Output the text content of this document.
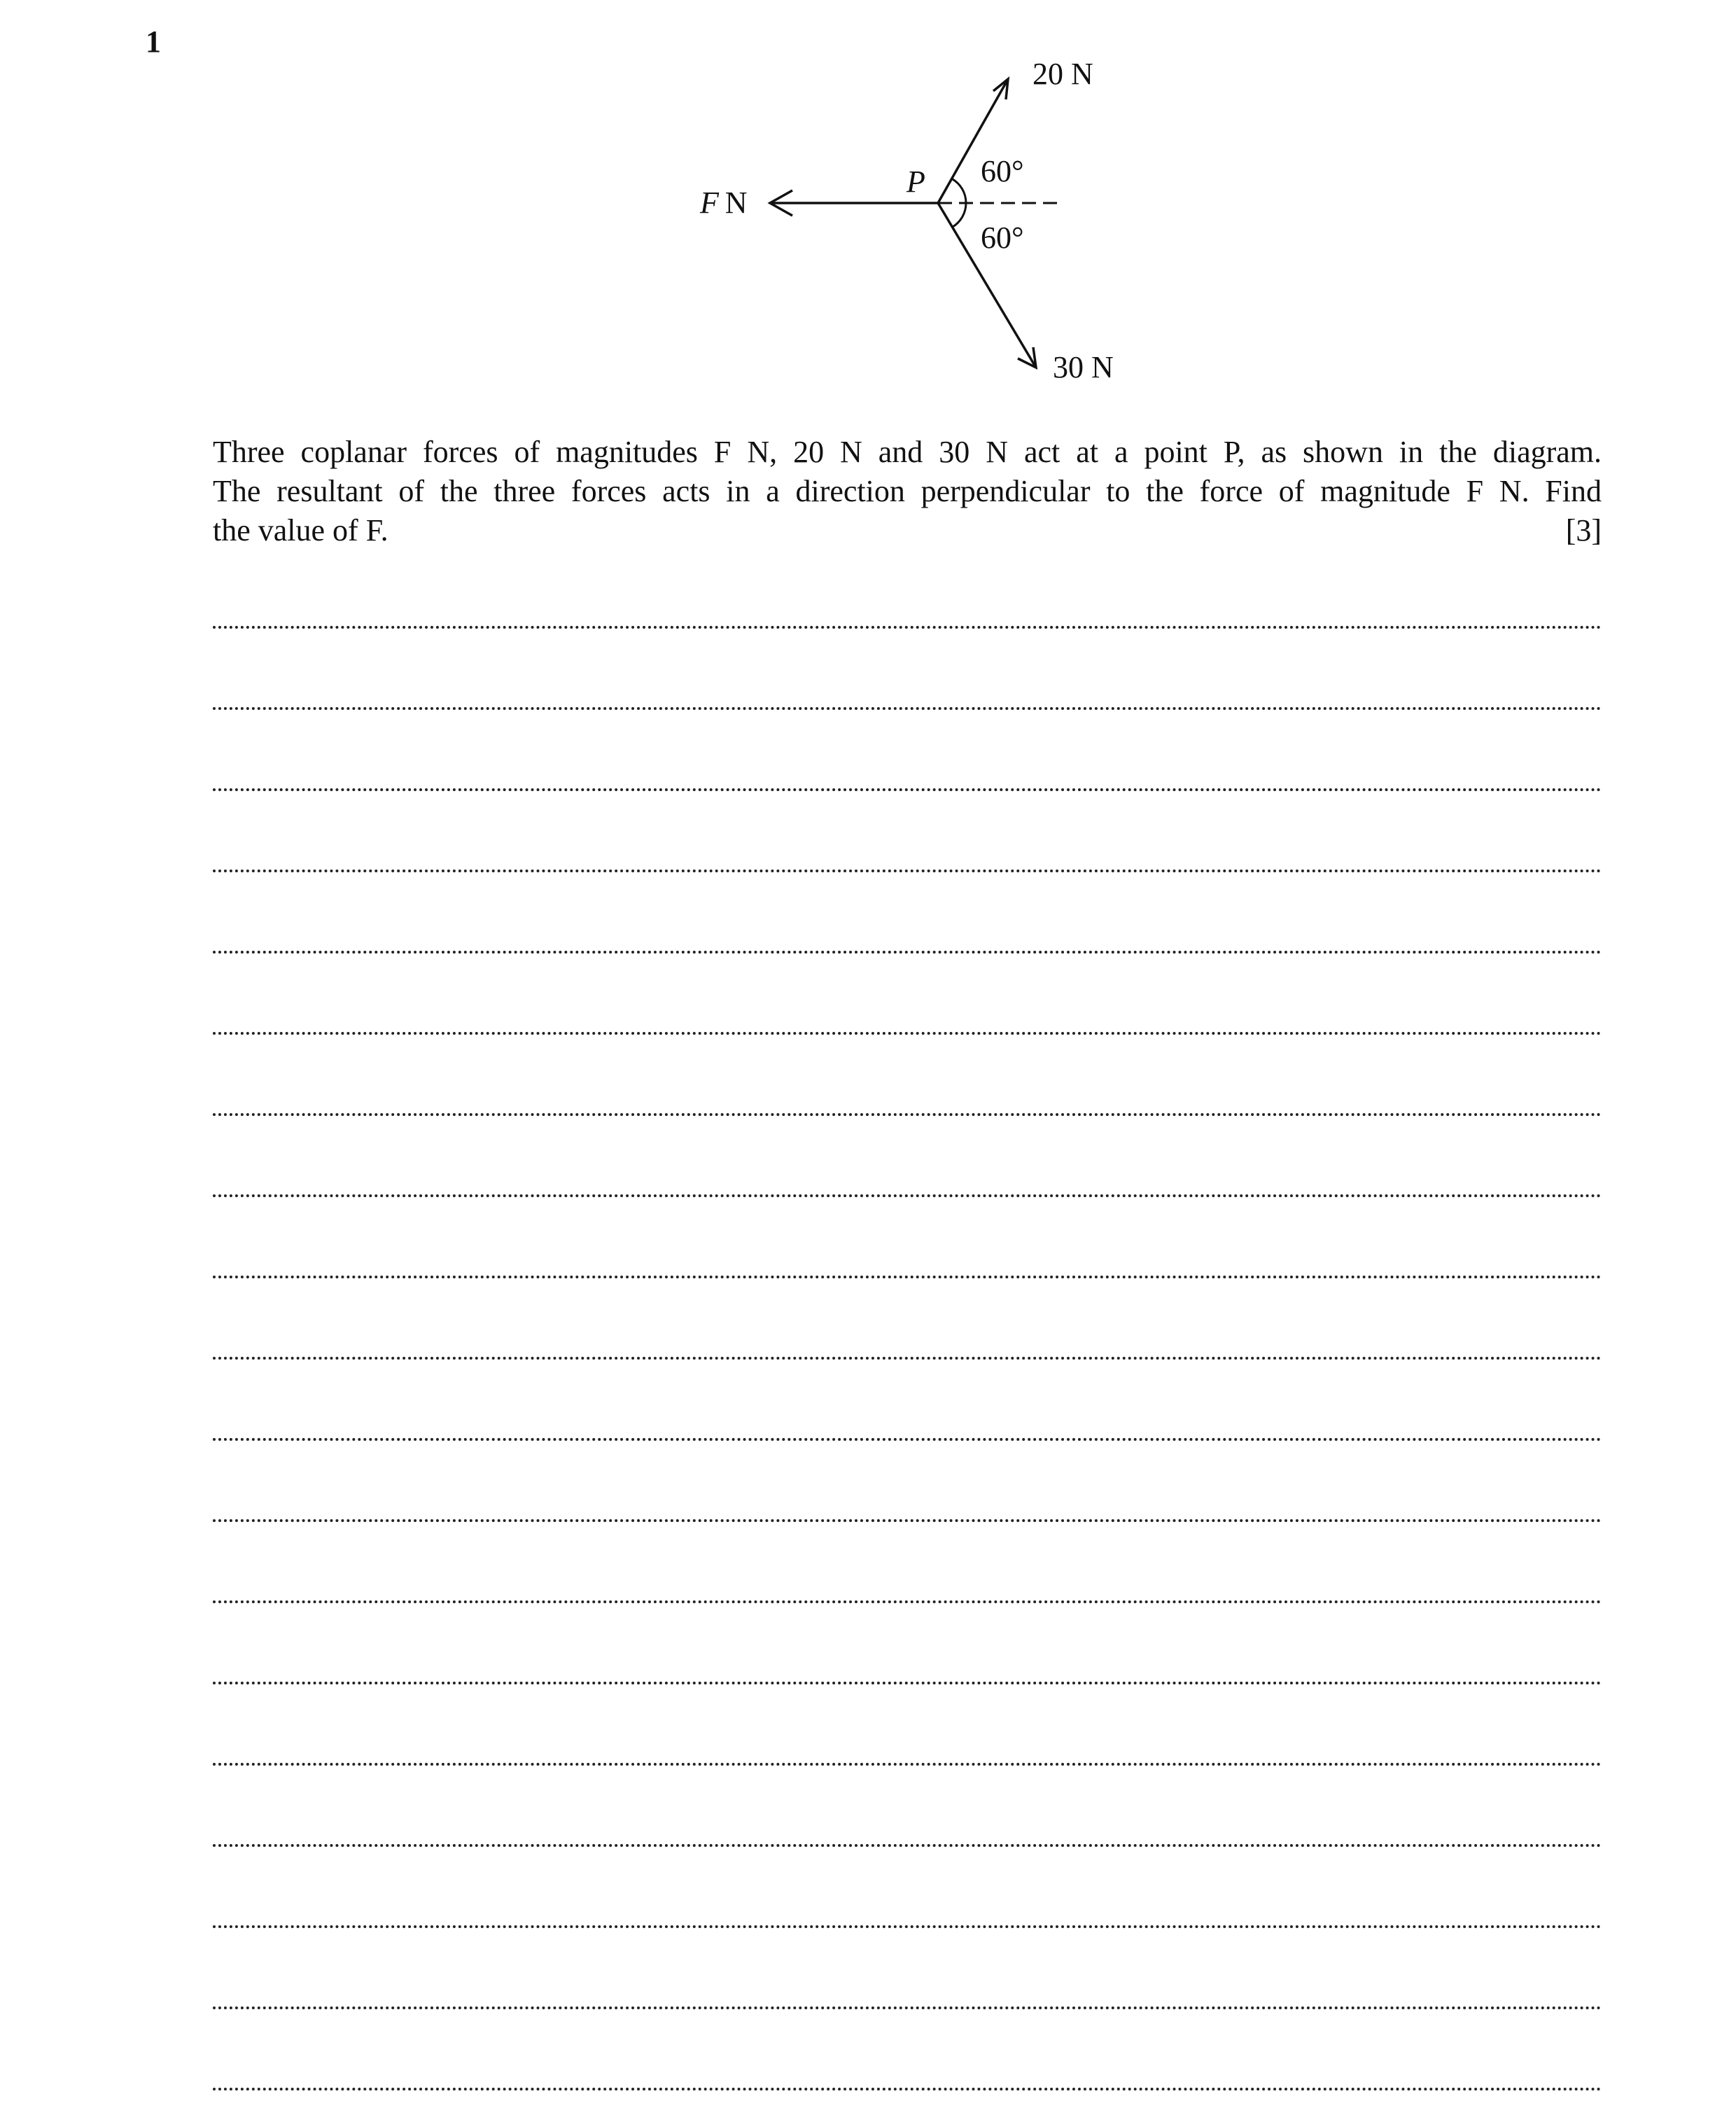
1
20 N
30 N
60°
60°
P
F  N

Three coplanar forces of magnitudes F N, 20 N and 30 N act at a point P, as shown in the diagram.

The resultant of the three forces acts in a direction perpendicular to the force of magnitude F N. Find

the value of F.	[3]
